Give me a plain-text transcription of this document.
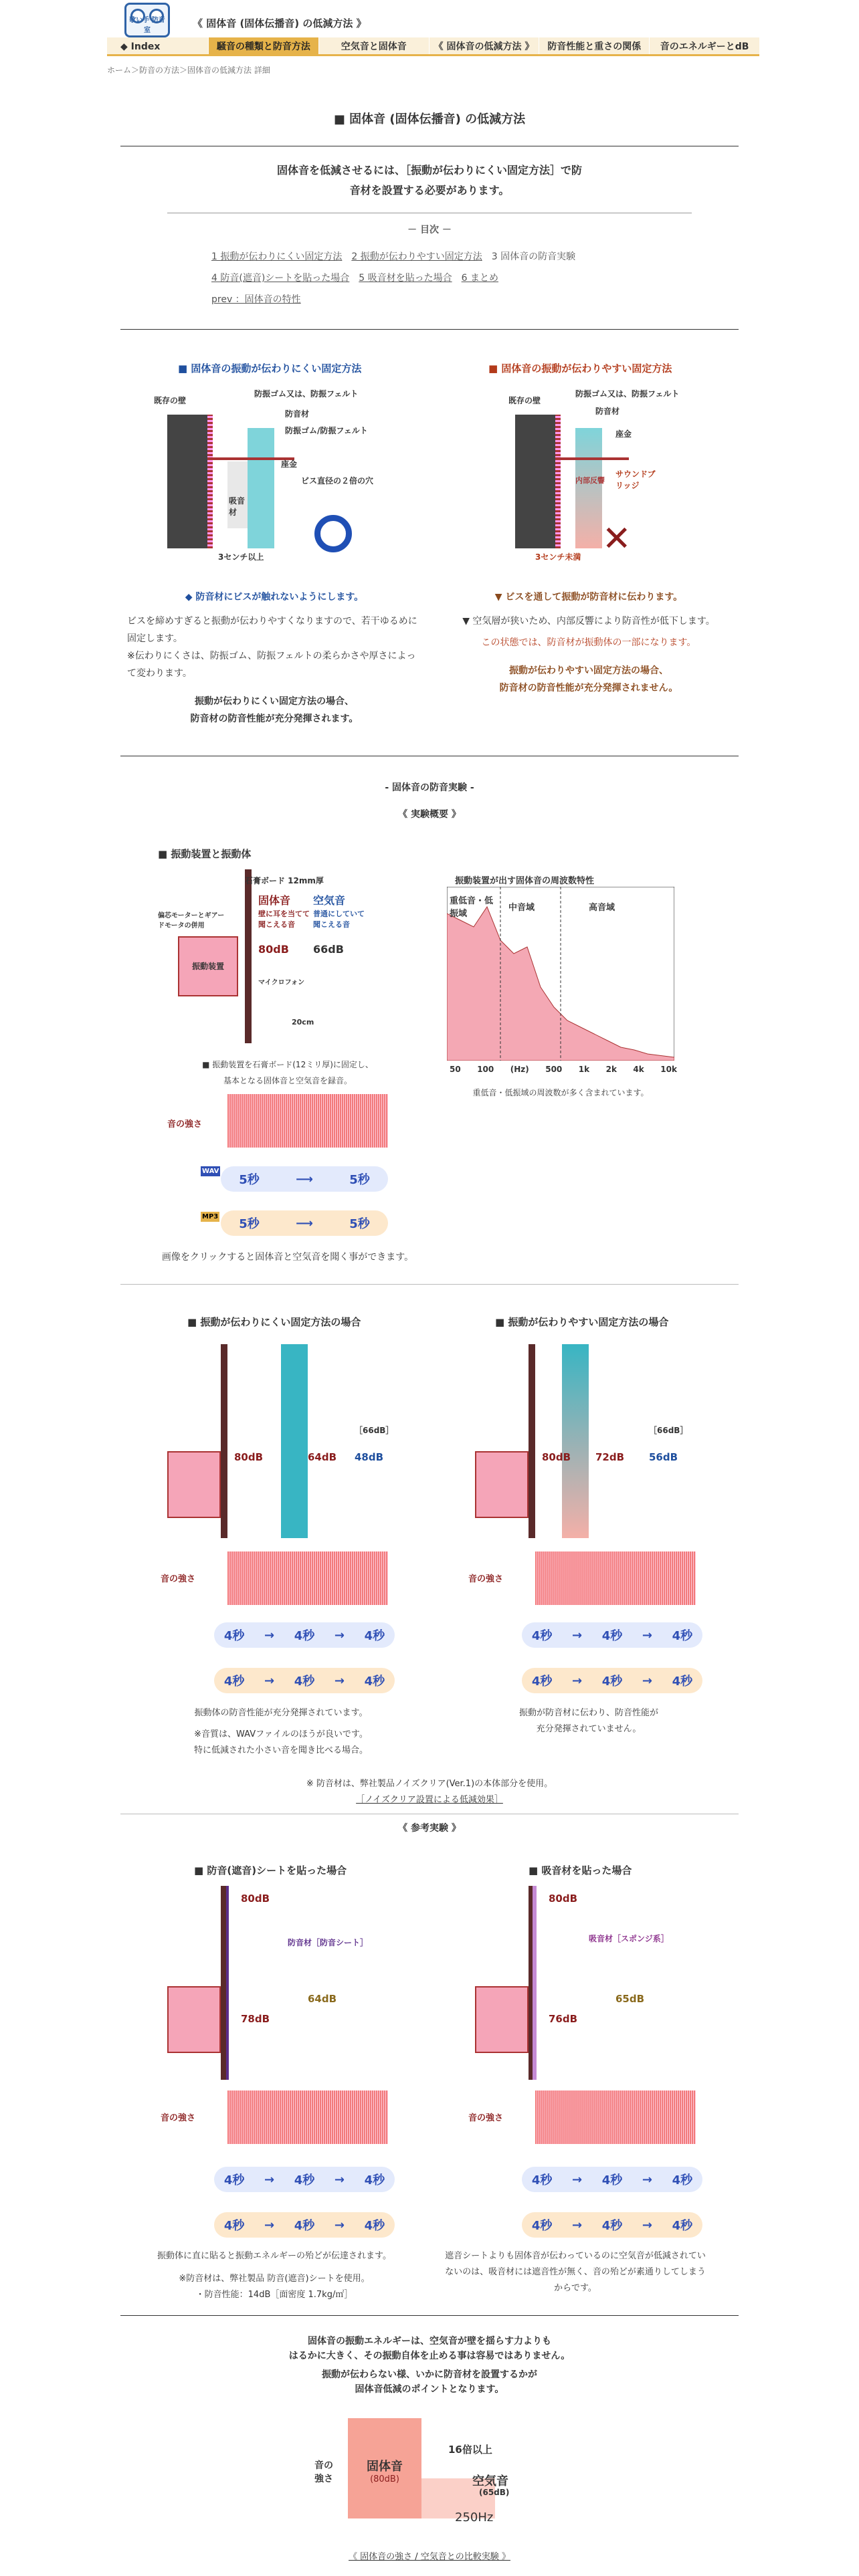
歌い手 防音室
《 固体音 (固体伝播音) の低減方法 》
◆ Index	騒音の種類と防音方法	空気音と固体音	《 固体音の低減方法 》	防音性能と重さの関係	音のエネルギーとdB
ホーム＞防音の方法＞固体音の低減方法 詳細
■ 固体音 (固体伝播音) の低減方法
固体音を低減させるには、［振動が伝わりにくい固定方法］で防
音材を設置する必要があります。
－ 目次 －
1 振動が伝わりにくい固定方法　 2 振動が伝わりやすい固定方法　 3 固体音の防音実験
4 防音(遮音)シートを貼った場合　 5 吸音材を貼った場合　 6 まとめ
prev ：固体音の特性
■ 固体音の振動が伝わりにくい固定方法
既存の壁
防振ゴム又は、防振フェルト
防音材
防振ゴム/防振フェルト
ビス直径の２倍の穴
座金
吸音材
3センチ以上
◆ 防音材にビスが触れないようにします。
ビスを締めすぎると振動が伝わりやすくなりますので、若干ゆるめに固定します。
※伝わりにくさは、防振ゴム、防振フェルトの柔らかさや厚さによって変わります。
振動が伝わりにくい固定方法の場合、
防音材の防音性能が充分発揮されます。
■ 固体音の振動が伝わりやすい固定方法
✕
既存の壁
防振ゴム又は、防振フェルト
防音材
座金
内部反響
サウンドブリッジ
3センチ未満
▼ ビスを通して振動が防音材に伝わります。
▼ 空気層が狭いため、内部反響により防音性が低下します。
この状態では、防音材が振動体の一部になります。
振動が伝わりやすい固定方法の場合、
防音材の防音性能が充分発揮されません。
- 固体音の防音実験 -
《 実験概要 》
■ 振動装置と振動体
振動装置
石膏ボード 12mm厚
偏芯モーターとギアードモータの併用
固体音
壁に耳を当てて聞こえる音
80dB
空気音
普通にしていて聞こえる音
66dB
マイクロフォン
20cm
■ 振動装置を石膏ボード(12ミリ厚)に固定し、
基本となる固体音と空気音を録音。
音の強さ
WAV
5秒	⟶	5秒
MP3
5秒	⟶	5秒
画像をクリックすると固体音と空気音を聞く事ができます。
振動装置が出す固体音の周波数特性
重低音・低振域
中音域	高音域
50 100 (Hz) 500 1k 2k 4k 10k
重低音・低振域の周波数が多く含まれています。
■ 振動が伝わりにくい固定方法の場合	■ 振動が伝わりやすい固定方法の場合
80dB	64dB
［66dB］
48dB	80dB 72dB
［66dB］
56dB
音の強さ	音の強さ
4秒 → 4秒 → 4秒	4秒 → 4秒 → 4秒
4秒 → 4秒 → 4秒	4秒 → 4秒 → 4秒
振動体の防音性能が充分発揮されています。
※音質は、WAVファイルのほうが良いです。
特に低減された小さい音を聞き比べる場合。
振動が防音材に伝わり、防音性能が
充分発揮されていません。
※ 防音材は、弊社製品ノイズクリア(Ver.1)の本体部分を使用。
［ノイズクリア設置による低減効果］
《 参考実験 》
■ 防音(遮音)シートを貼った場合	■ 吸音材を貼った場合
80dB
防音材［防音シート］
78dB
64dB
80dB
吸音材［スポンジ系］
76dB
65dB
音の強さ	音の強さ
4秒 → 4秒 → 4秒	4秒 → 4秒 → 4秒
4秒 → 4秒 → 4秒	4秒 → 4秒 → 4秒
振動体に直に貼ると振動エネルギーの殆どが伝達されます。
※防音材は、弊社製品 防音(遮音)シートを使用。
・防音性能：14dB［面密度 1.7kg/㎡］
遮音シートよりも固体音が伝わっているのに空気音が低減されていないのは、吸音材には遮音性が無く、音の殆どが素通りしてしまうからです。
固体音の振動エネルギーは、空気音が壁を揺らす力よりも
はるかに大きく、その振動自体を止める事は容易ではありません。
振動が伝わらない様、いかに防音材を設置するかが
固体音低減のポイントとなります。
音の強さ
固体音
(80dB)
16倍以上
空気音
(65dB)
250Hz
《 固体音の強さ / 空気音との比較実験 》
